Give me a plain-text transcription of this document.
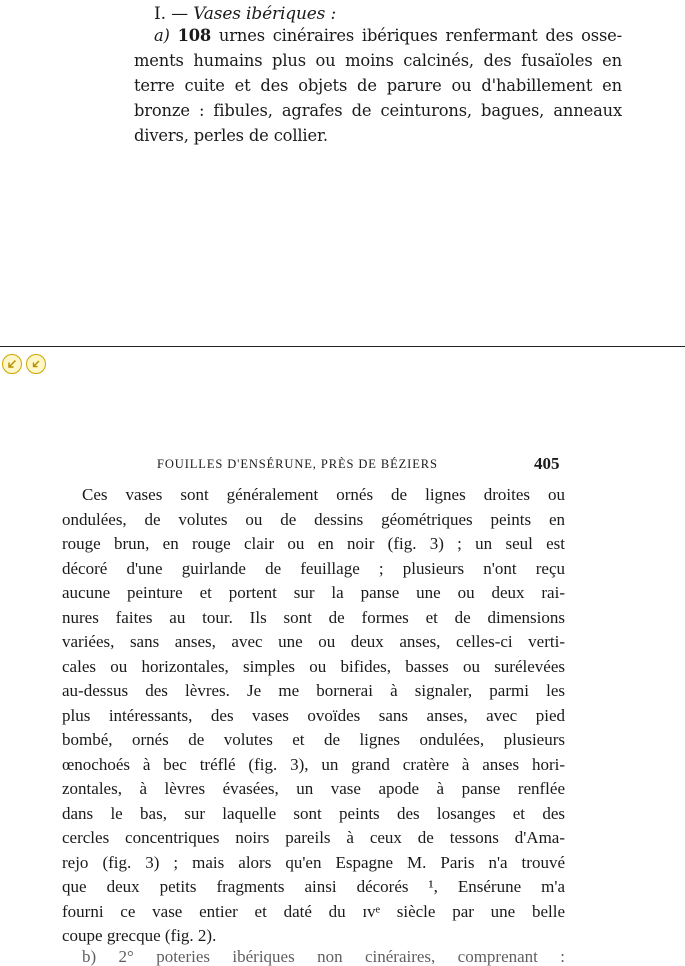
I. — Vases ibériques :
a) 108 urnes cinéraires ibériques renfermant des osse-
ments humains plus ou moins calcinés, des fusaïoles en
terre cuite et des objets de parure ou d'habillement en
bronze : fibules, agrafes de ceinturons, bagues, anneaux
divers, perles de collier.
FOUILLES D'ENSÉRUNE, PRÈS DE BÉZIERS	405
Ces vases sont généralement ornés de lignes droites ou
ondulées, de volutes ou de dessins géométriques peints en
rouge brun, en rouge clair ou en noir (fig. 3) ; un seul est
décoré d'une guirlande de feuillage ; plusieurs n'ont reçu
aucune peinture et portent sur la panse une ou deux rai-
nures faites au tour. Ils sont de formes et de dimensions
variées, sans anses, avec une ou deux anses, celles-ci verti-
cales ou horizontales, simples ou bifides, basses ou surélevées
au-dessus des lèvres. Je me bornerai à signaler, parmi les
plus intéressants, des vases ovoïdes sans anses, avec pied
bombé, ornés de volutes et de lignes ondulées, plusieurs
œnochoés à bec tréflé (fig. 3), un grand cratère à anses hori-
zontales, à lèvres évasées, un vase apode à panse renflée
dans le bas, sur laquelle sont peints des losanges et des
cercles concentriques noirs pareils à ceux de tessons d'Ama-
rejo (fig. 3) ; mais alors qu'en Espagne M. Paris n'a trouvé
que deux petits fragments ainsi décorés ¹, Ensérune m'a
fourni ce vase entier et daté du ɪvᵉ siècle par une belle
coupe grecque (fig. 2).
b) 2° poteries ibériques non cinéraires, comprenant :
